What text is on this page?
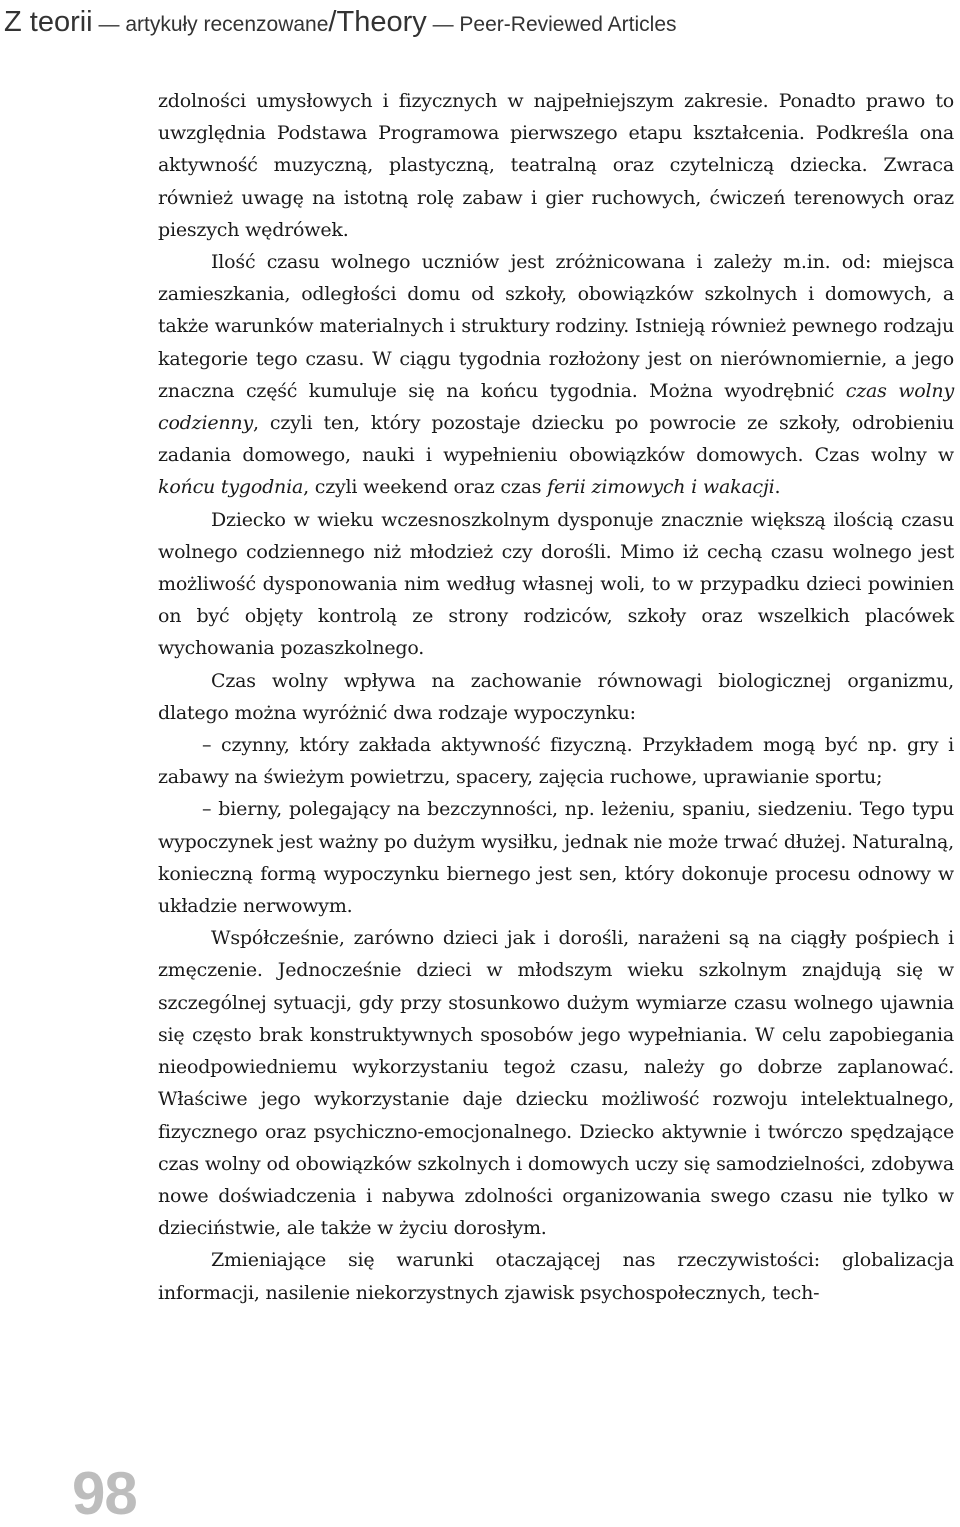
Z teorii — artykuły recenzowane/Theory — Peer-Reviewed Articles

zdolności umysłowych i fizycznych w najpełniejszym zakresie. Ponadto prawo to uwzględnia Podstawa Programowa pierwszego etapu kształcenia. Podkreśla ona aktywność muzyczną, plastyczną, teatralną oraz czytelniczą dziecka. Zwraca również uwagę na istotną rolę zabaw i gier ruchowych, ćwiczeń terenowych oraz pieszych wędrówek.

Ilość czasu wolnego uczniów jest zróżnicowana i zależy m.in. od: miejsca zamieszkania, odległości domu od szkoły, obowiązków szkolnych i domowych, a także warunków materialnych i struktury rodziny. Istnieją również pewnego rodzaju kategorie tego czasu. W ciągu tygodnia rozłożony jest on nierównomiernie, a jego znaczna część kumuluje się na końcu tygodnia. Można wyodrębnić czas wolny codzienny, czyli ten, który pozostaje dziecku po powrocie ze szkoły, odrobieniu zadania domowego, nauki i wypełnieniu obowiązków domowych. Czas wolny w końcu tygodnia, czyli weekend oraz czas ferii zimowych i wakacji.

Dziecko w wieku wczesnoszkolnym dysponuje znacznie większą ilością czasu wolnego codziennego niż młodzież czy dorośli. Mimo iż cechą czasu wolnego jest możliwość dysponowania nim według własnej woli, to w przypadku dzieci powinien on być objęty kontrolą ze strony rodziców, szkoły oraz wszelkich placówek wychowania pozaszkolnego.

Czas wolny wpływa na zachowanie równowagi biologicznej organizmu, dlatego można wyróżnić dwa rodzaje wypoczynku:

– czynny, który zakłada aktywność fizyczną. Przykładem mogą być np. gry i zabawy na świeżym powietrzu, spacery, zajęcia ruchowe, uprawianie sportu;

– bierny, polegający na bezczynności, np. leżeniu, spaniu, siedzeniu. Tego typu wypoczynek jest ważny po dużym wysiłku, jednak nie może trwać dłużej. Naturalną, konieczną formą wypoczynku biernego jest sen, który dokonuje procesu odnowy w układzie nerwowym.

Współcześnie, zarówno dzieci jak i dorośli, narażeni są na ciągły pośpiech i zmęczenie. Jednocześnie dzieci w młodszym wieku szkolnym znajdują się w szczególnej sytuacji, gdy przy stosunkowo dużym wymiarze czasu wolnego ujawnia się często brak konstruktywnych sposobów jego wypełniania. W celu zapobiegania nieodpowiedniemu wykorzystaniu tegoż czasu, należy go dobrze zaplanować. Właściwe jego wykorzystanie daje dziecku możliwość rozwoju intelektualnego, fizycznego oraz psychiczno-emocjonalnego. Dziecko aktywnie i twórczo spędzające czas wolny od obowiązków szkolnych i domowych uczy się samodzielności, zdobywa nowe doświadczenia i nabywa zdolności organizowania swego czasu nie tylko w dzieciństwie, ale także w życiu dorosłym.

Zmieniające się warunki otaczającej nas rzeczywistości: globalizacja informacji, nasilenie niekorzystnych zjawisk psychospołecznych, tech-

98
